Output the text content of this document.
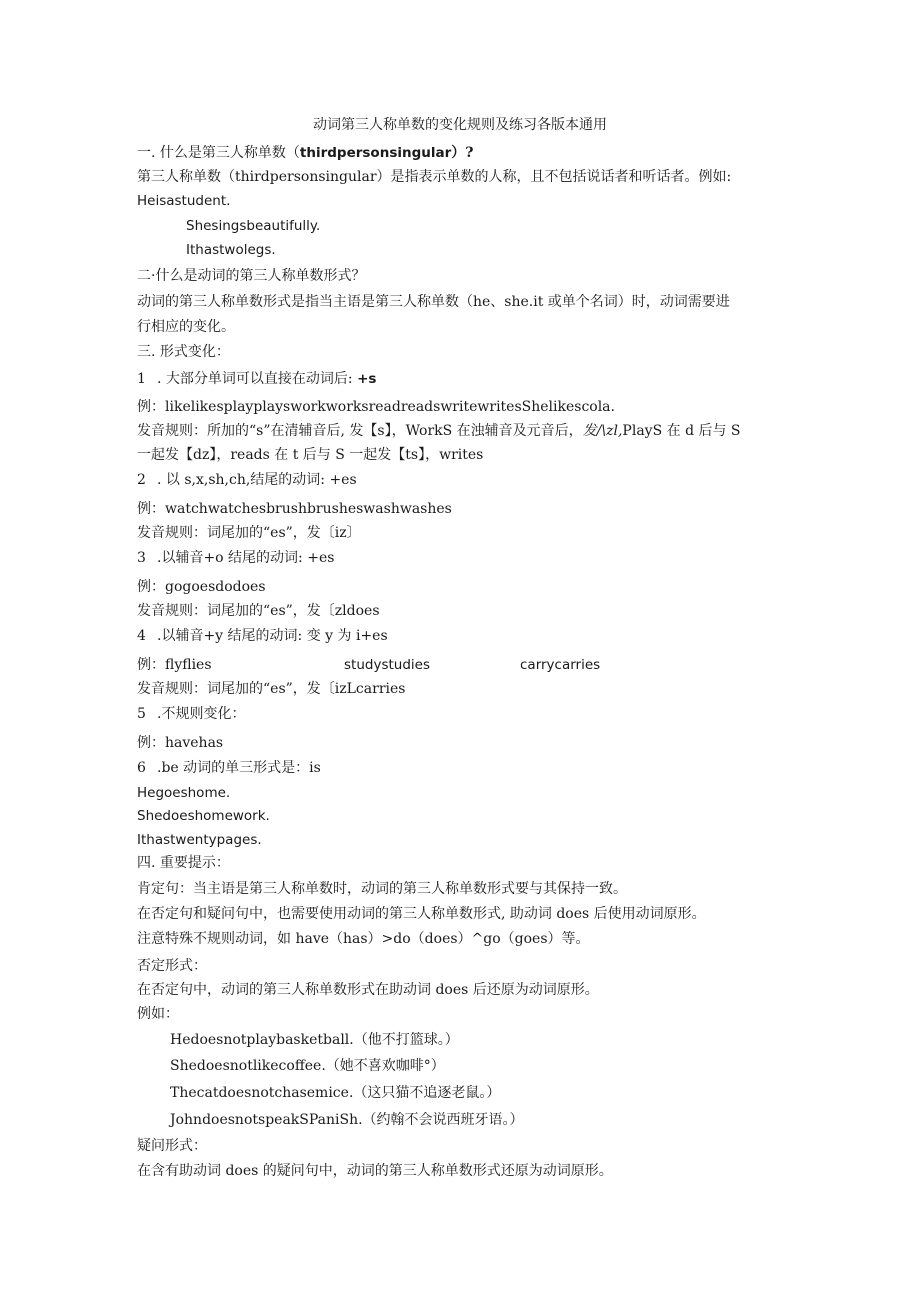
动词第三人称单数的变化规则及练习各版本通用
一. 什么是第三人称单数（thirdpersonsingular）?
第三人称单数（thirdpersonsingular）是指表示单数的人称，且不包括说话者和听话者。例如:
Heisastudent.
Shesingsbeautifully.
Ithastwolegs.
二·什么是动词的第三人称单数形式？
动词的第三人称单数形式是指当主语是第三人称单数（he、she.it 或单个名词）时，动词需要进
行相应的变化。
三. 形式变化：
1 . 大部分单词可以直接在动词后: +s
例：likelikesplayplaysworkworksreadreadswritewritesShelikescola.
发音规则：所加的“s”在清辅音后, 发【s】，WorkS 在浊辅音及元音后，发/\zl,PlayS 在 d 后与 S
一起发【dz】，reads 在 t 后与 S 一起发【ts】，writes
2 . 以 s,x,sh,ch,结尾的动词: +es
例：watchwatchesbrushbrusheswashwashes
发音规则：词尾加的“es”，发〔iz〕
3 .以辅音+o 结尾的动词: +es
例：gogoesdodoes
发音规则：词尾加的“es”，发〔zldoes
4 .以辅音+y 结尾的动词: 变 y 为 i+es
例：flyflies	studystudies	carrycarries
发音规则：词尾加的“es”，发〔izLcarries
5 .不规则变化：
例：havehas
6 .be 动词的单三形式是：is
Hegoeshome.
Shedoeshomework.
Ithastwentypages.
四. 重要提示：
肯定句：当主语是第三人称单数时，动词的第三人称单数形式要与其保持一致。
在否定句和疑问句中，也需要使用动词的第三人称单数形式, 助动词 does 后使用动词原形。
注意特殊不规则动词，如 have（has）>do（does）^go（goes）等。
否定形式：
在否定句中，动词的第三人称单数形式在助动词 does 后还原为动词原形。
例如：
Hedoesnotplaybasketball.（他不打篮球。）
Shedoesnotlikecoffee.（她不喜欢咖啡°）
Thecatdoesnotchasemice.（这只猫不追逐老鼠。）
JohndoesnotspeakSPaniSh.（约翰不会说西班牙语。）
疑问形式：
在含有助动词 does 的疑问句中，动词的第三人称单数形式还原为动词原形。
